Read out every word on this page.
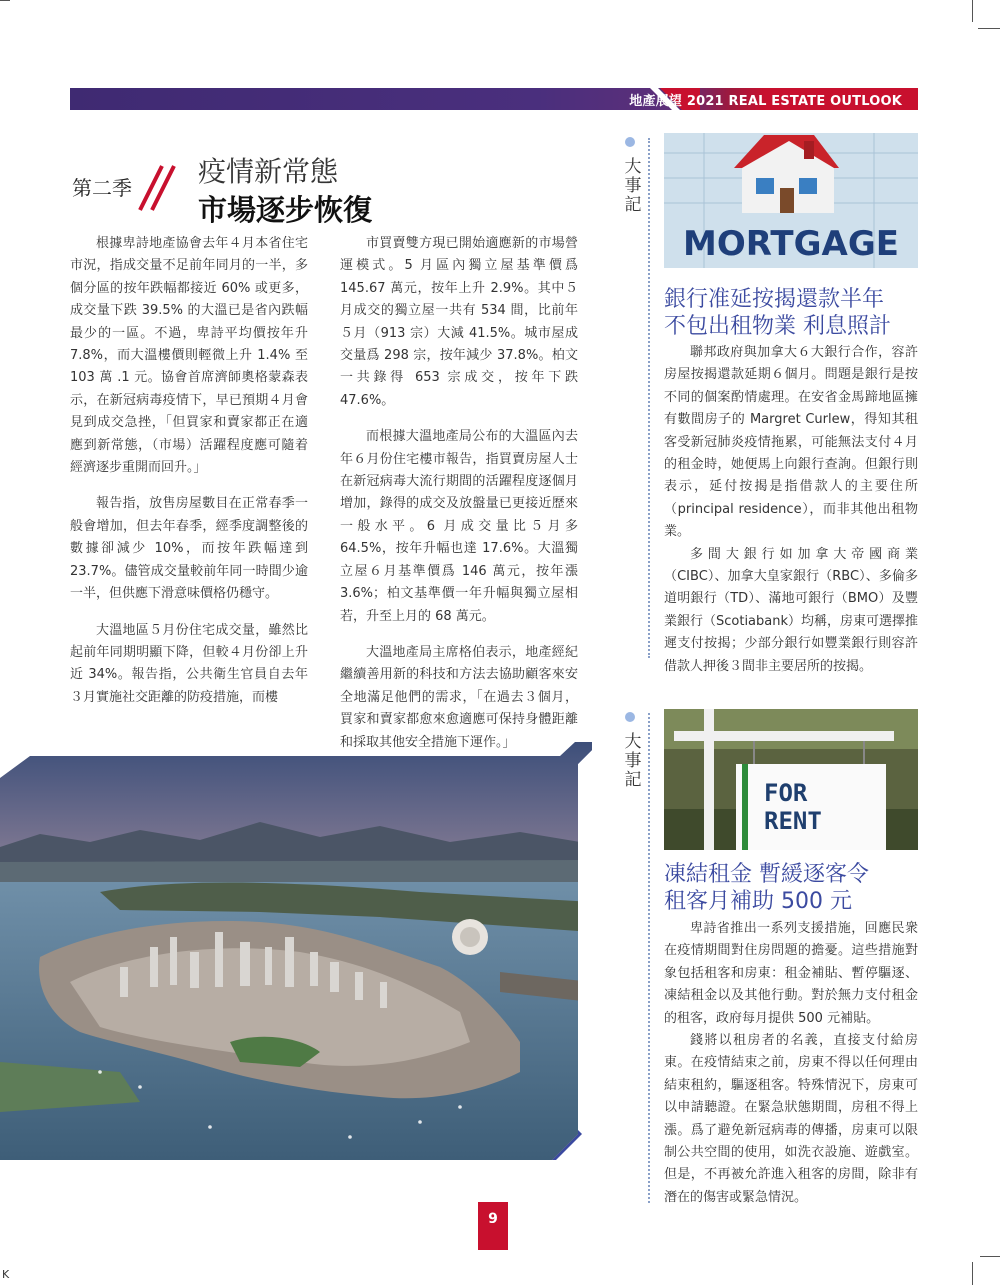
地產展望 2021 REAL ESTATE OUTLOOK
第二季 疫情新常態
市場逐步恢復

根據卑詩地產協會去年４月本省住宅市況，指成交量不足前年同月的一半，多個分區的按年跌幅都接近 60% 或更多，成交量下跌 39.5% 的大溫已是省內跌幅最少的一區。不過，卑詩平均價按年升 7.8%，而大溫樓價則輕微上升 1.4% 至 103 萬 .1 元。協會首席濟師奧格蒙森表示，在新冠病毒疫情下，早已預期４月會見到成交急挫，「但買家和賣家都正在適應到新常態，（市場）活躍程度應可隨着經濟逐步重開而回升。」

報告指，放售房屋數目在正常春季一般會增加，但去年春季，經季度調整後的數據卻減少 10%，而按年跌幅達到 23.7%。儘管成交量較前年同一時間少逾一半，但供應下滑意味價格仍穩守。

大溫地區５月份住宅成交量，雖然比起前年同期明顯下降，但較４月份卻上升近 34%。報告指，公共衛生官員自去年３月實施社交距離的防疫措施，而樓

市買賣雙方現已開始適應新的市場營運模式。5 月區內獨立屋基準價爲 145.67 萬元，按年上升 2.9%。其中５月成交的獨立屋一共有 534 間，比前年５月（913 宗）大減 41.5%。城市屋成交量爲 298 宗，按年減少 37.8%。柏文一共錄得 653 宗成交，按年下跌 47.6%。

而根據大溫地產局公布的大溫區內去年６月份住宅樓市報告，指買賣房屋人士在新冠病毒大流行期間的活躍程度逐個月增加，錄得的成交及放盤量已更接近歷來一般水平。6 月成交量比５月多 64.5%，按年升幅也達 17.6%。大溫獨立屋６月基準價爲 146 萬元，按年漲 3.6%；柏文基準價一年升幅與獨立屋相若，升至上月的 68 萬元。

大溫地產局主席格伯表示，地產經紀繼續善用新的科技和方法去協助顧客來安全地滿足他們的需求，「在過去３個月，買家和賣家都愈來愈適應可保持身體距離和採取其他安全措施下運作。」

大事記
MORTGAGE
銀行准延按揭還款半年
不包出租物業 利息照計

聯邦政府與加拿大６大銀行合作，容許房屋按揭還款延期６個月。問題是銀行是按不同的個案酌情處理。在安省金馬蹄地區擁有數間房子的 Margret Curlew，得知其租客受新冠肺炎疫情拖累，可能無法支付４月的租金時，她便馬上向銀行查詢。但銀行則表示，延付按揭是指借款人的主要住所（principal residence），而非其他出租物業。

多間大銀行如加拿大帝國商業（CIBC）、加拿大皇家銀行（RBC）、多倫多道明銀行（TD）、滿地可銀行（BMO）及豐業銀行（Scotiabank）均稱，房東可選擇推遲支付按揭；少部分銀行如豐業銀行則容許借款人押後３間非主要居所的按揭。

大事記	FOR
RENT
凍結租金 暫緩逐客令
租客月補助 500 元

卑詩省推出一系列支援措施，回應民衆在疫情期間對住房問題的擔憂。這些措施對象包括租客和房東：租金補貼、暫停驅逐、凍結租金以及其他行動。對於無力支付租金的租客，政府每月提供 500 元補貼。

錢將以租房者的名義，直接支付給房東。在疫情結束之前，房東不得以任何理由結束租約，驅逐租客。特殊情況下，房東可以申請聽證。在緊急狀態期間，房租不得上漲。爲了避免新冠病毒的傳播，房東可以限制公共空間的使用，如洗衣設施、遊戲室。但是，不再被允許進入租客的房間，除非有潛在的傷害或緊急情況。

9
K
